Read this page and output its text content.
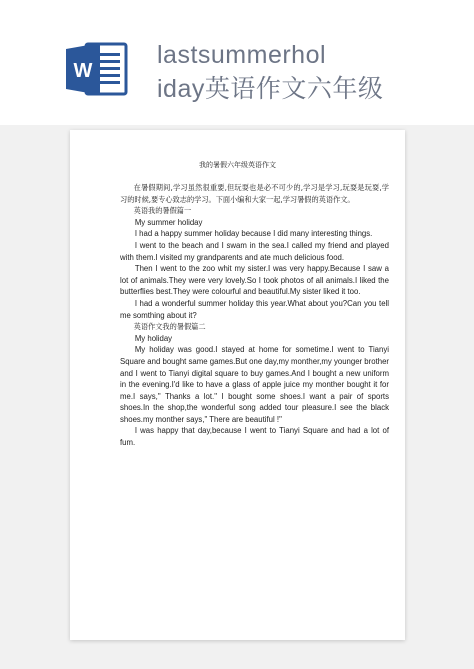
W
lastsummerhol
iday英语作文六年级
我的暑假六年级英语作文

在暑假期间,学习虽然很重要,但玩耍也是必不可少的,学习是学习,玩耍是玩耍,学习的时候,要专心致志的学习。下面小编和大家一起,学习暑假的英语作文。

英语我的暑假篇一

My summer holiday

I had a happy summer holiday because I did many interesting things.

I went to the beach and I swam in the sea.I called my friend and played with them.I visited my grandparents and ate much delicious food.

Then I went to the zoo whit my sister.I was very happy.Because I saw a lot of animals.They were very lovely.So I took photos of all animals.I liked the butterflies best.They were colourful and beautiful.My sister liked it too.

I had a wonderful summer holiday this year.What about you?Can you tell me somthing about it?

英语作文我的暑假篇二

My holiday

My holiday was good.I stayed at home for sometime.I went to Tianyi Square and bought same games.But one day,my monther,my younger brother and I went to Tianyi digital square to buy games.And I bought a new uniform in the evening.I'd like to have a glass of apple juice my monther bought it for me.I says," Thanks a lot." I bought some shoes.I want a pair of sports shoes.In the shop,the wonderful song added tour pleasure.I see the black shoes.my monther says," There are beautiful !"

I was happy that day,because I went to Tianyi Square and had a lot of fum.
